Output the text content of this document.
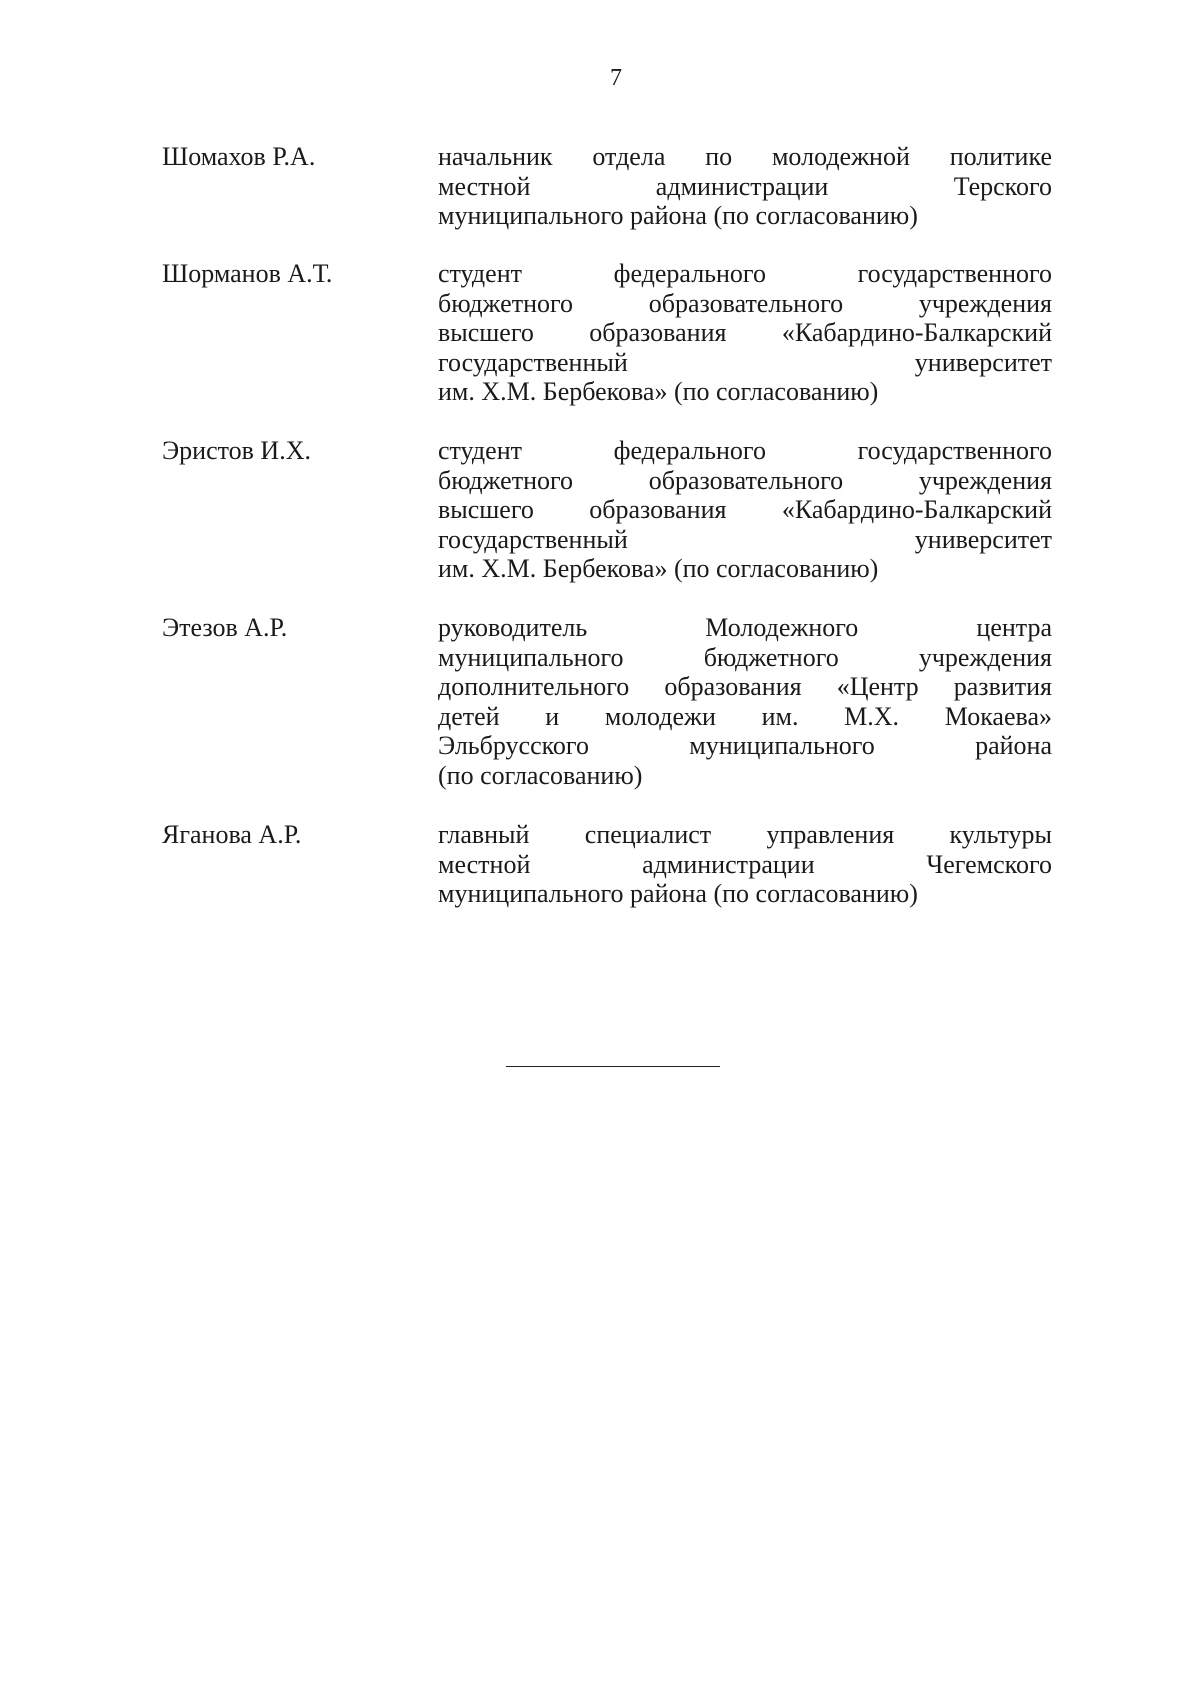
7
Шомахов Р.А.	начальник отдела по молодежной политике
местной администрации Терского
муниципального района (по согласованию)
Шорманов А.Т.	студент федерального государственного
бюджетного образовательного учреждения
высшего образования «Кабардино-Балкарский
государственный университет
им. Х.М. Бербекова» (по согласованию)
Эристов И.Х.	студент федерального государственного
бюджетного образовательного учреждения
высшего образования «Кабардино-Балкарский
государственный университет
им. Х.М. Бербекова» (по согласованию)
Этезов А.Р.	руководитель Молодежного центра
муниципального бюджетного учреждения
дополнительного образования «Центр развития
детей и молодежи им. М.Х. Мокаева»
Эльбрусского муниципального района
(по согласованию)
Яганова А.Р.	главный специалист управления культуры
местной администрации Чегемского
муниципального района (по согласованию)
